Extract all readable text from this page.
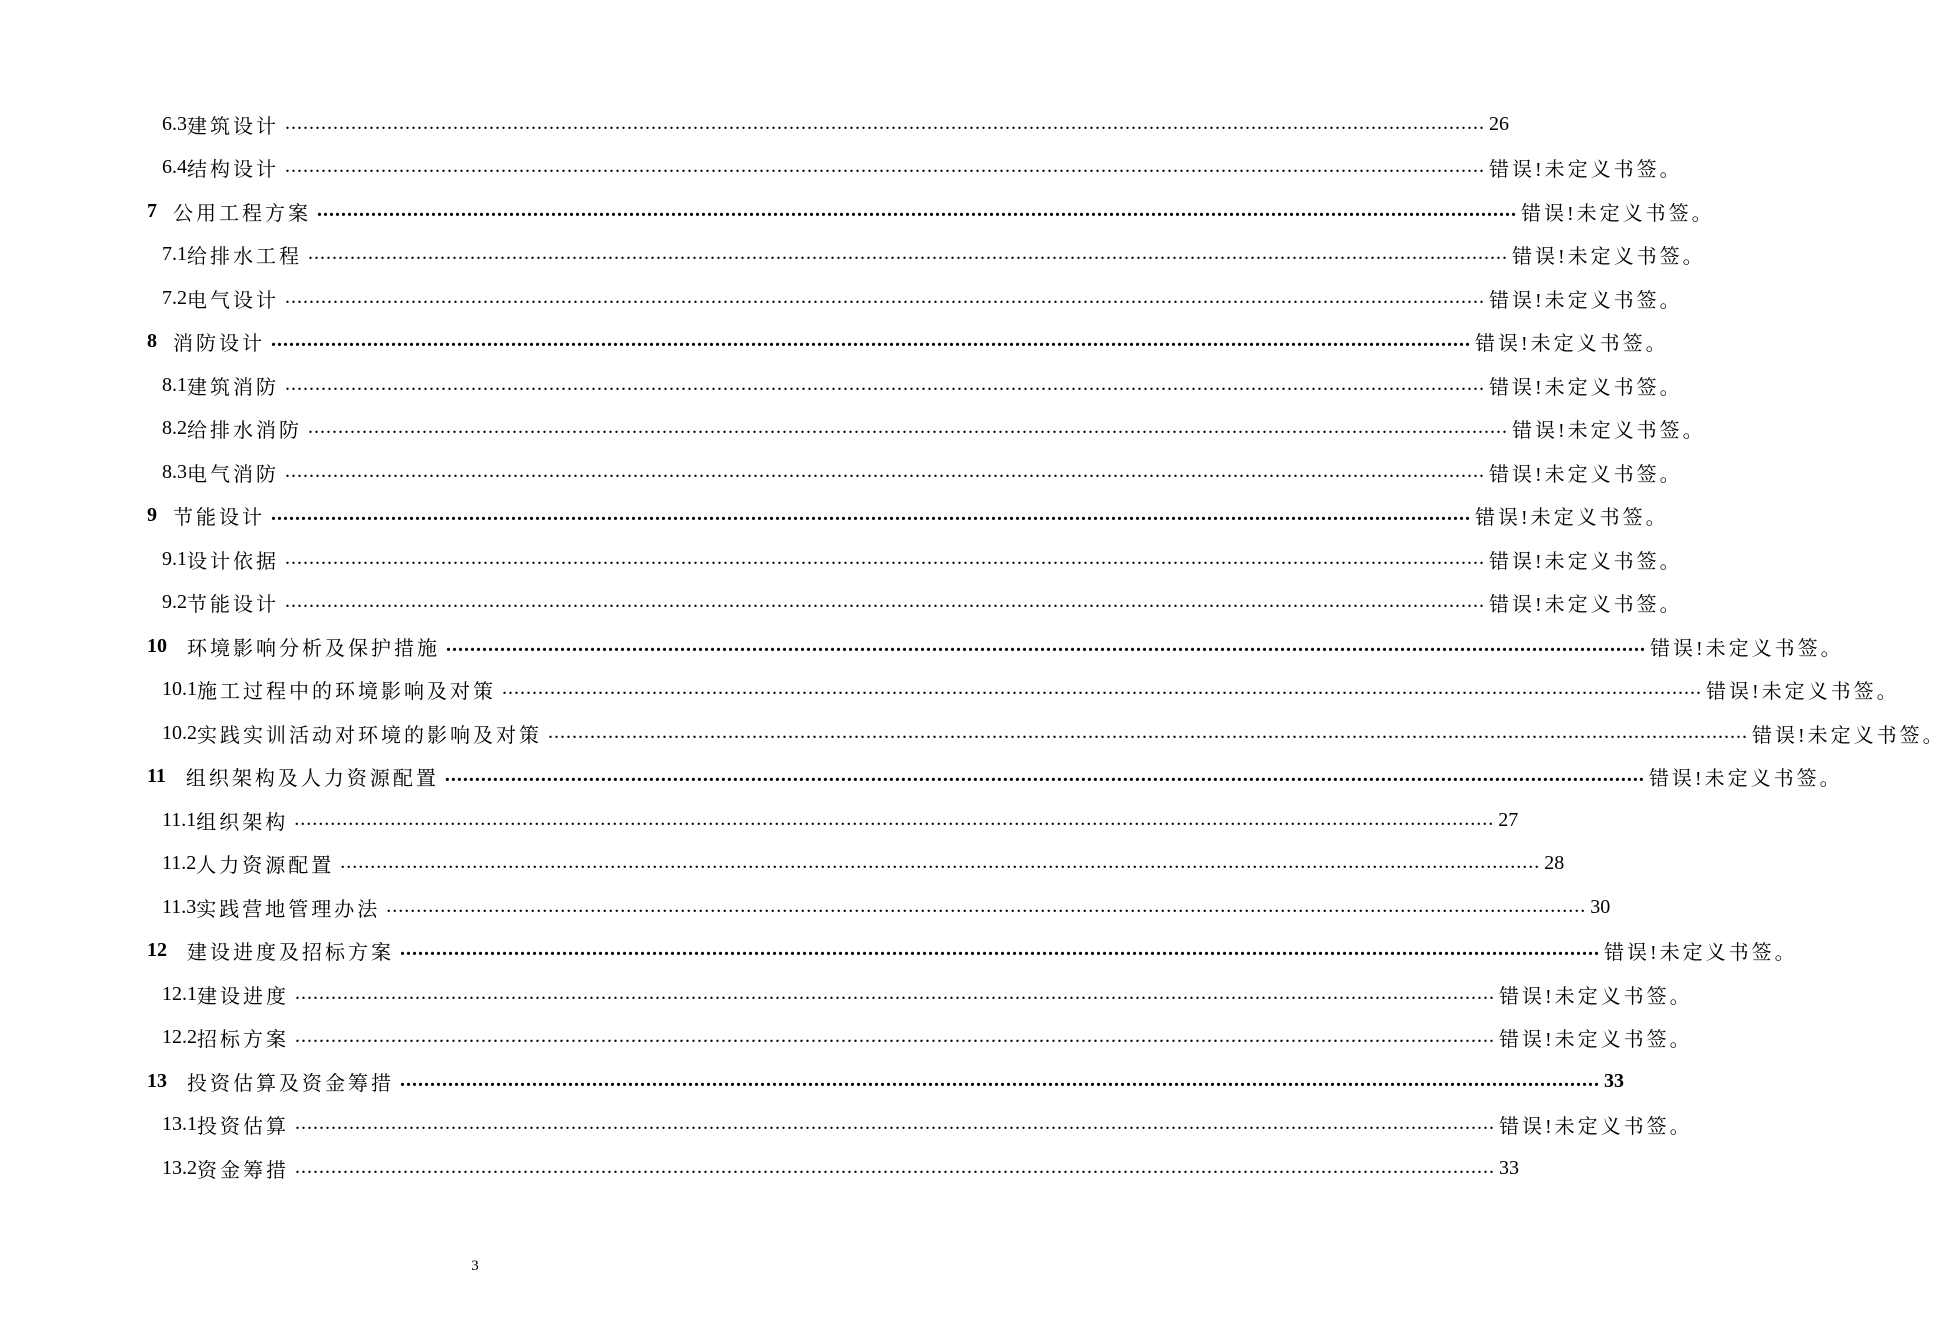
6.3 建筑设计 ........................................................................................................................................................................................................ 26
6.4 结构设计 ........................................................................................................................................................................................................ 错误!未定义书签。
7 公用工程方案 ........................................................................................................................................................................................................ 错误!未定义书签。
7.1 给排水工程 ........................................................................................................................................................................................................ 错误!未定义书签。
7.2 电气设计 ........................................................................................................................................................................................................ 错误!未定义书签。
8 消防设计 ........................................................................................................................................................................................................ 错误!未定义书签。
8.1 建筑消防 ........................................................................................................................................................................................................ 错误!未定义书签。
8.2 给排水消防 ........................................................................................................................................................................................................ 错误!未定义书签。
8.3 电气消防 ........................................................................................................................................................................................................ 错误!未定义书签。
9 节能设计 ........................................................................................................................................................................................................ 错误!未定义书签。
9.1 设计依据 ........................................................................................................................................................................................................ 错误!未定义书签。
9.2 节能设计 ........................................................................................................................................................................................................ 错误!未定义书签。
10 环境影响分析及保护措施 ........................................................................................................................................................................................................ 错误!未定义书签。
10.1 施工过程中的环境影响及对策 ........................................................................................................................................................................................................ 错误!未定义书签。
10.2 实践实训活动对环境的影响及对策 ........................................................................................................................................................................................................ 错误!未定义书签。
11 组织架构及人力资源配置 ........................................................................................................................................................................................................ 错误!未定义书签。
11.1 组织架构 ........................................................................................................................................................................................................ 27
11.2 人力资源配置 ........................................................................................................................................................................................................ 28
11.3 实践营地管理办法 ........................................................................................................................................................................................................ 30
12 建设进度及招标方案 ........................................................................................................................................................................................................ 错误!未定义书签。
12.1 建设进度 ........................................................................................................................................................................................................ 错误!未定义书签。
12.2 招标方案 ........................................................................................................................................................................................................ 错误!未定义书签。
13 投资估算及资金筹措 ........................................................................................................................................................................................................ 33
13.1 投资估算 ........................................................................................................................................................................................................ 错误!未定义书签。
13.2 资金筹措 ........................................................................................................................................................................................................ 33
3
